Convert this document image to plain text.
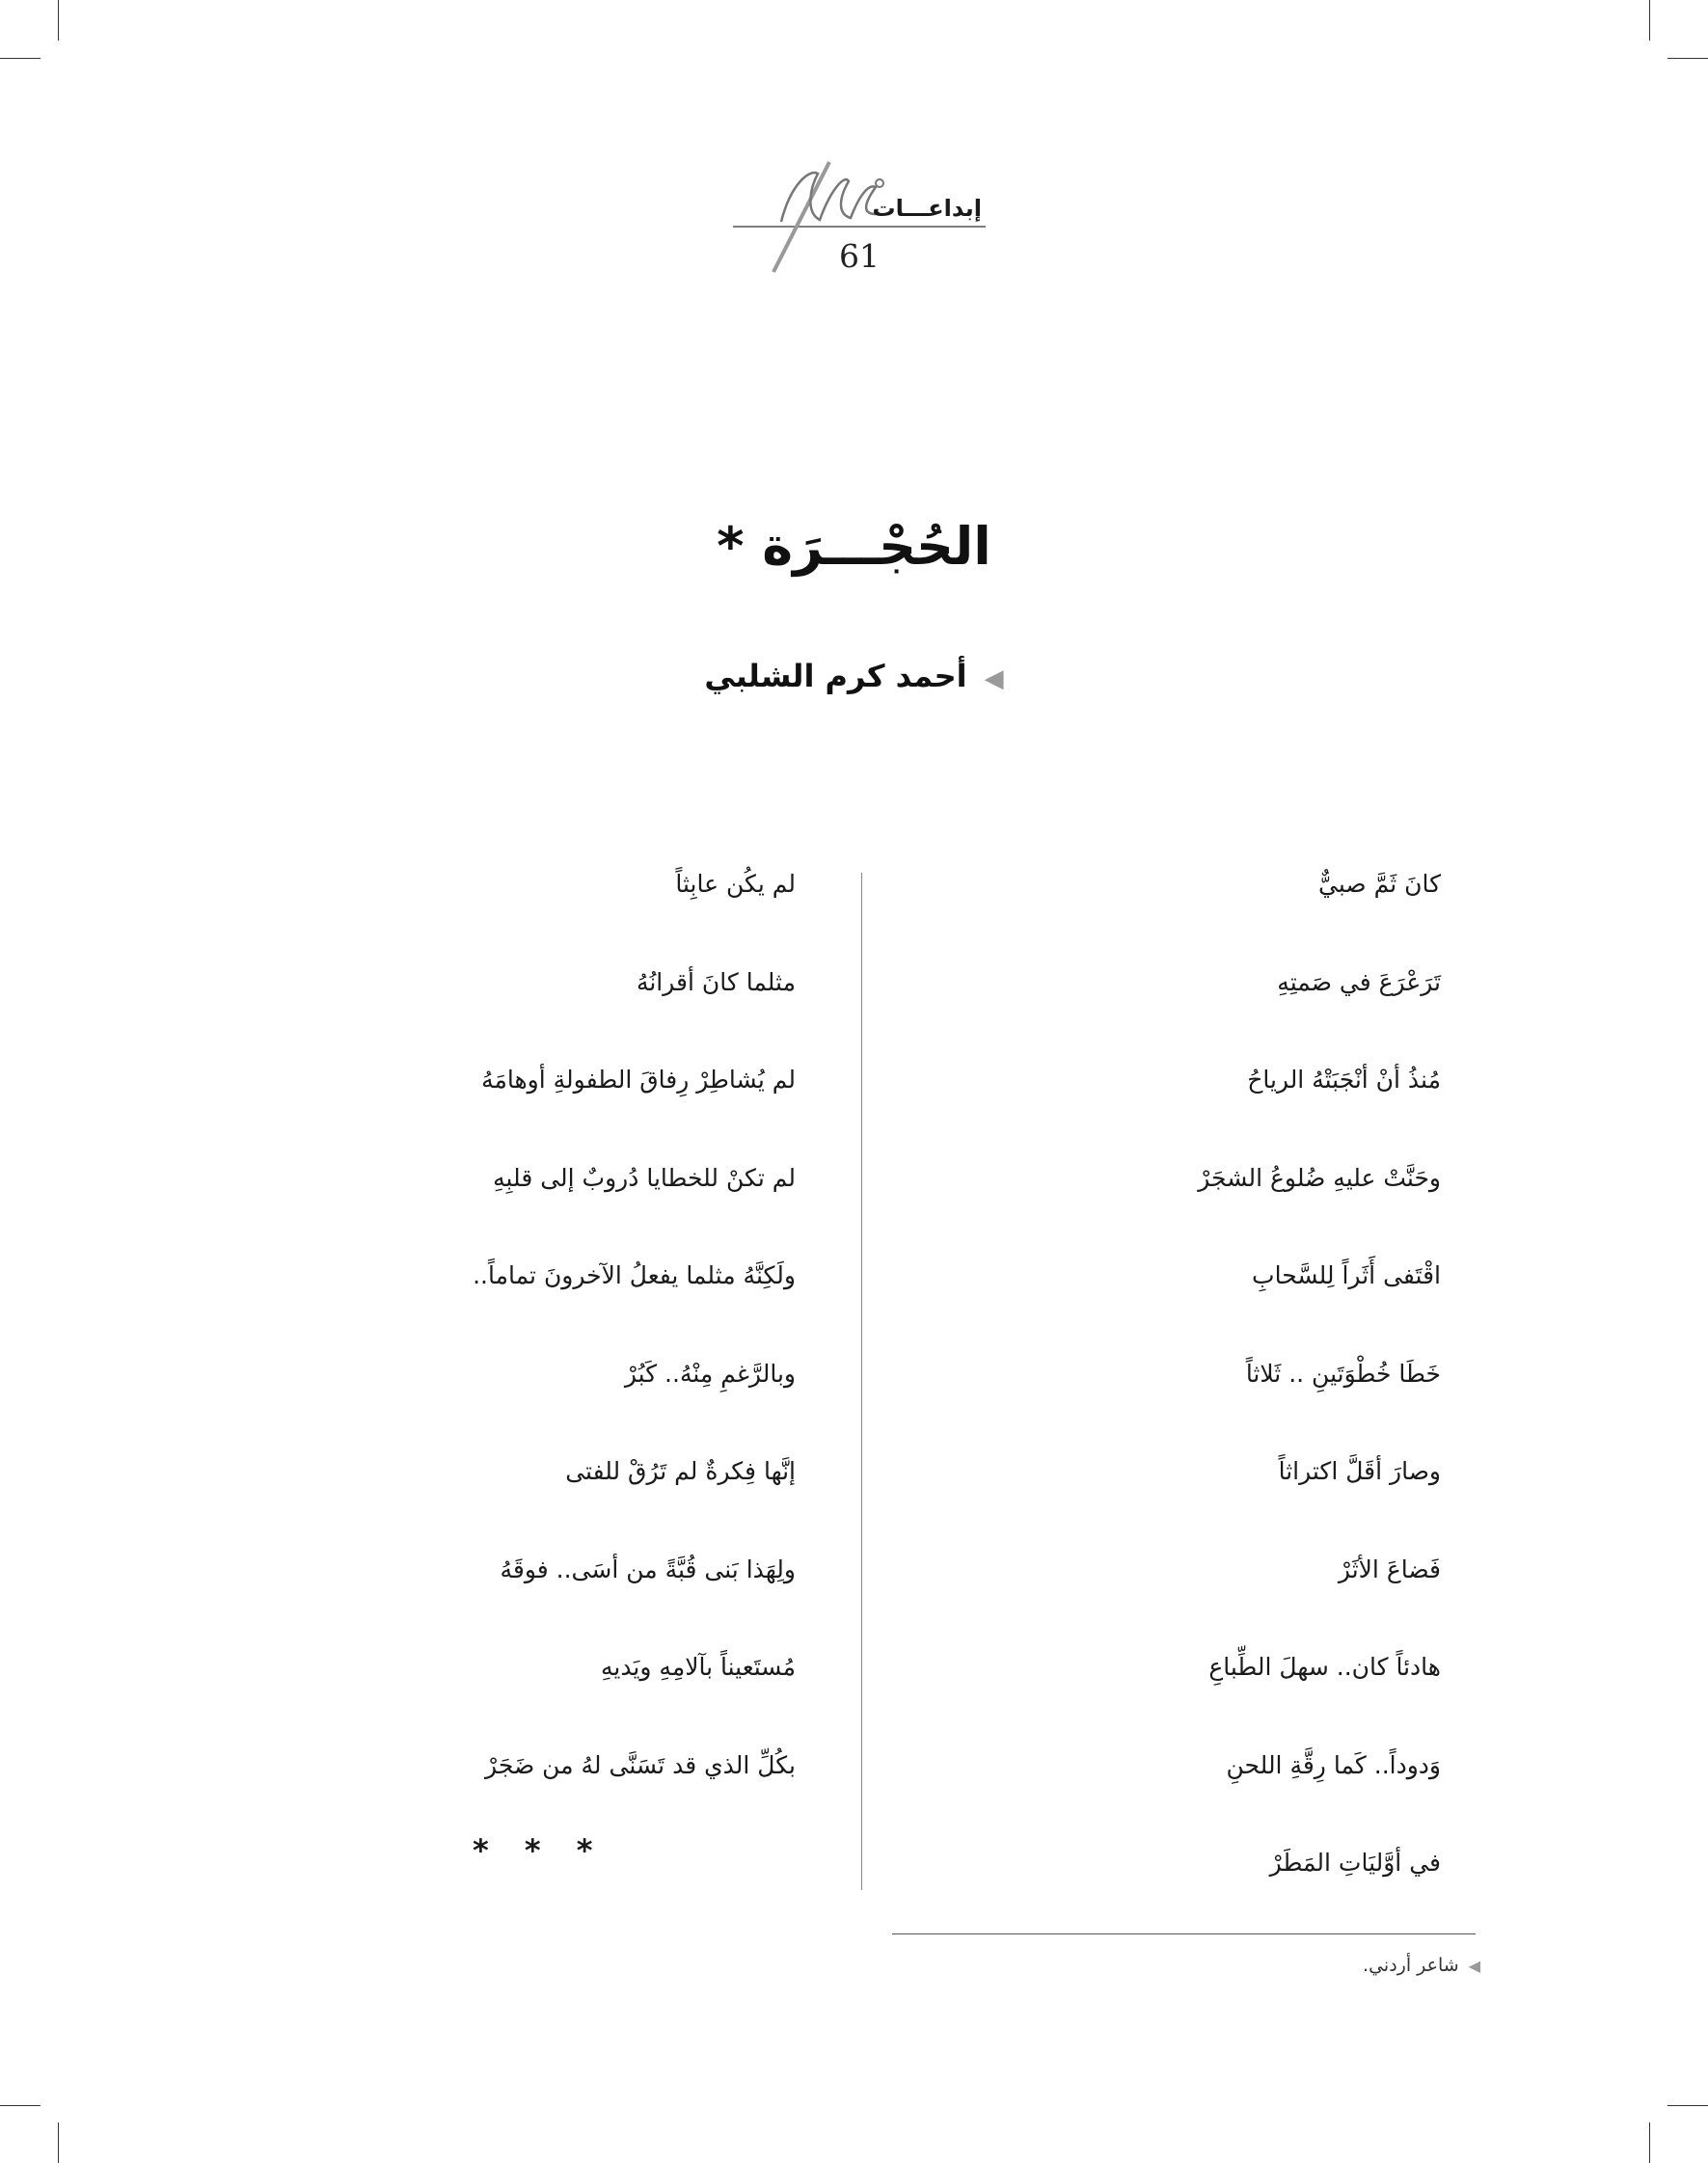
إبداعـــات
61
الحُجْـــرَة *
◀أحمد كرم الشلبي
كانَ ثَمَّ صبيٌّ
تَرَعْرَعَ في صَمتِهِ
مُنذُ أنْ أنْجَبَتْهُ الرياحُ
وحَنَّتْ عليهِ ضُلوعُ الشجَرْ
اقْتَفى أَثَراً لِلسَّحابِ
خَطَا خُطْوَتَينِ .. ثَلاثاً
وصارَ أقَلَّ اكتراثاً
فَضاعَ الأثَرْ
هادئاً كان.. سهلَ الطِّباعِ
وَدوداً.. كَما رِقَّةِ اللحنِ
في أوَّليَاتِ المَطَرْ
لم يكُن عابِثاً
مثلما كانَ أقرانُهُ
لم يُشاطِرْ رِفاقَ الطفولةِ أوهامَهُ
لم تكنْ للخطايا دُروبٌ إلى قلبِهِ
ولَكِنَّهُ مثلما يفعلُ الآخرونَ تماماً..
وبالرَّغمِ مِنْهُ.. كَبُرْ
إنَّها فِكرةٌ لم تَرُقْ للفتى
ولِهَذا بَنى قُبَّةً من أسَى.. فوقَهُ
مُستَعيناً بآلامِهِ ويَديهِ
بكُلِّ الذي قد تَسَنَّى لهُ من ضَجَرْ
* * *
◀شاعر أردني.
